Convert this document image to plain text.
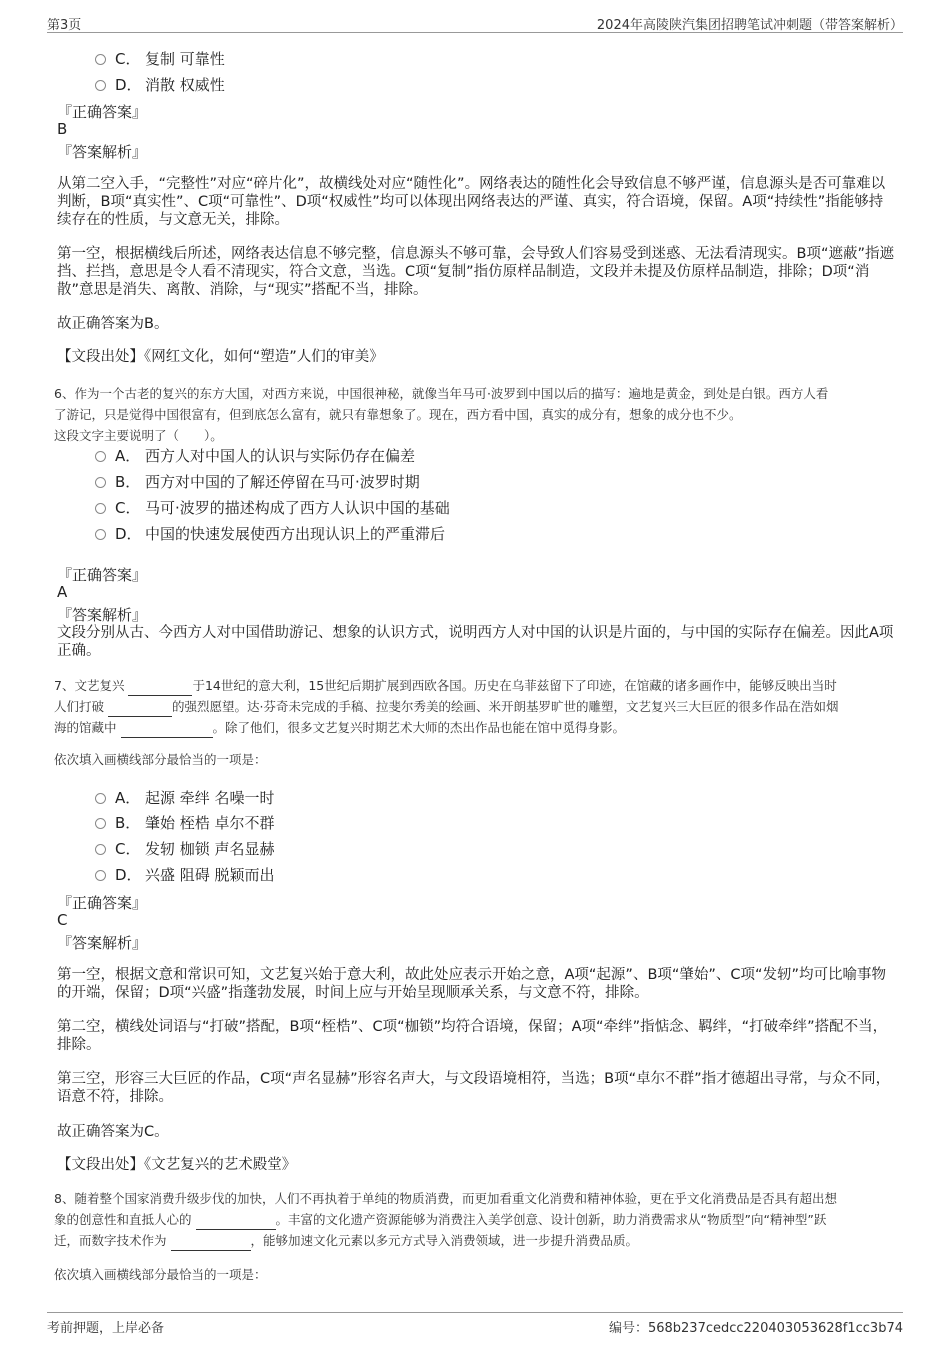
第3页	2024年高陵陕汽集团招聘笔试冲刺题（带答案解析）
C． 复制 可靠性
D． 消散 权威性
『正确答案』
B
『答案解析』
从第二空入手，“完整性”对应“碎片化”，故横线处对应“随性化”。网络表达的随性化会导致信息不够严谨，信息源头是否可靠难以判断，B项“真实性”、C项“可靠性”、D项“权威性”均可以体现出网络表达的严谨、真实，符合语境，保留。A项“持续性”指能够持续存在的性质，与文意无关，排除。
第一空，根据横线后所述，网络表达信息不够完整，信息源头不够可靠，会导致人们容易受到迷惑、无法看清现实。B项“遮蔽”指遮挡、拦挡，意思是令人看不清现实，符合文意，当选。C项“复制”指仿原样品制造，文段并未提及仿原样品制造，排除；D项“消散”意思是消失、离散、消除，与“现实”搭配不当，排除。
故正确答案为B。
【文段出处】《网红文化，如何“塑造”人们的审美》
6、作为一个古老的复兴的东方大国，对西方来说，中国很神秘，就像当年马可·波罗到中国以后的描写：遍地是黄金，到处是白银。西方人看
了游记，只是觉得中国很富有，但到底怎么富有，就只有靠想象了。现在，西方看中国，真实的成分有，想象的成分也不少。
这段文字主要说明了（　　）。
A． 西方人对中国人的认识与实际仍存在偏差
B． 西方对中国的了解还停留在马可·波罗时期
C． 马可·波罗的描述构成了西方人认识中国的基础
D． 中国的快速发展使西方出现认识上的严重滞后
『正确答案』
A
『答案解析』
文段分别从古、今西方人对中国借助游记、想象的认识方式，说明西方人对中国的认识是片面的，与中国的实际存在偏差。因此A项正确。
7、文艺复兴	于14世纪的意大利，15世纪后期扩展到西欧各国。历史在乌菲兹留下了印迹，在馆藏的诸多画作中，能够反映出当时
人们打破	的强烈愿望。达·芬奇未完成的手稿、拉斐尔秀美的绘画、米开朗基罗旷世的雕塑，文艺复兴三大巨匠的很多作品在浩如烟
海的馆藏中	。除了他们，很多文艺复兴时期艺术大师的杰出作品也能在馆中觅得身影。
依次填入画横线部分最恰当的一项是：
A． 起源 牵绊 名噪一时
B． 肇始 桎梏 卓尔不群
C． 发轫 枷锁 声名显赫
D． 兴盛 阻碍 脱颖而出
『正确答案』
C
『答案解析』
第一空，根据文意和常识可知，文艺复兴始于意大利，故此处应表示开始之意，A项“起源”、B项“肇始”、C项“发轫”均可比喻事物的开端，保留；D项“兴盛”指蓬勃发展，时间上应与开始呈现顺承关系，与文意不符，排除。
第二空，横线处词语与“打破”搭配，B项“桎梏”、C项“枷锁”均符合语境，保留；A项“牵绊”指惦念、羁绊，“打破牵绊”搭配不当，排除。
第三空，形容三大巨匠的作品，C项“声名显赫”形容名声大，与文段语境相符，当选；B项“卓尔不群”指才德超出寻常，与众不同，语意不符，排除。
故正确答案为C。
【文段出处】《文艺复兴的艺术殿堂》
8、随着整个国家消费升级步伐的加快，人们不再执着于单纯的物质消费，而更加看重文化消费和精神体验，更在乎文化消费品是否具有超出想
象的创意性和直抵人心的	。丰富的文化遗产资源能够为消费注入美学创意、设计创新，助力消费需求从“物质型”向“精神型”跃
迁，而数字技术作为	，能够加速文化元素以多元方式导入消费领域，进一步提升消费品质。
依次填入画横线部分最恰当的一项是：
考前押题，上岸必备	编号：568b237cedcc220403053628f1cc3b74
